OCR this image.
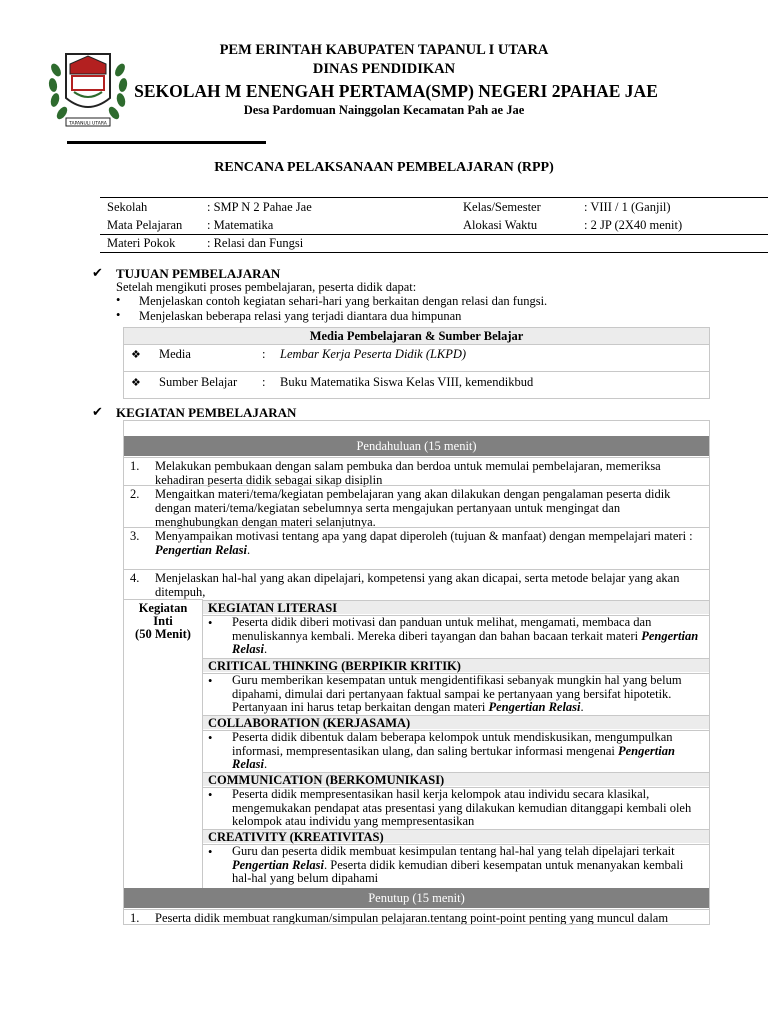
TAPANULI UTARA
PEM ERINTAH KABUPATEN TAPANUL I UTARA
DINAS PENDIDIKAN
SEKOLAH M ENENGAH PERTAMA(SMP) NEGERI 2PAHAE JAE
Desa Pardomuan Nainggolan Kecamatan Pah ae Jae
RENCANA PELAKSANAAN PEMBELAJARAN (RPP)
Sekolah	: SMP N 2 Pahae Jae	Kelas/Semester	: VIII / 1 (Ganjil)
Mata Pelajaran : Matematika	Alokasi Waktu	: 2 JP (2X40 menit)
Materi Pokok	: Relasi dan Fungsi
✔ TUJUAN PEMBELAJARAN
Setelah mengikuti proses pembelajaran, peserta didik dapat:
• Menjelaskan contoh kegiatan sehari-hari yang berkaitan dengan relasi dan fungsi.
• Menjelaskan beberapa relasi yang terjadi diantara dua himpunan
Media Pembelajaran & Sumber Belajar
❖ Media	: Lembar Kerja Peserta Didik (LKPD)
❖ Sumber Belajar : Buku Matematika Siswa Kelas VIII, kemendikbud
✔ KEGIATAN PEMBELAJARAN
Pendahuluan (15 menit)
1. Melakukan pembukaan dengan salam pembuka dan berdoa untuk memulai pembelajaran, memeriksa kehadiran peserta didik sebagai sikap disiplin
2. Mengaitkan materi/tema/kegiatan pembelajaran yang akan dilakukan dengan pengalaman peserta didik dengan materi/tema/kegiatan sebelumnya serta mengajukan pertanyaan untuk mengingat dan menghubungkan dengan materi selanjutnya.
3. Menyampaikan motivasi tentang apa yang dapat diperoleh (tujuan & manfaat) dengan mempelajari materi :
Pengertian Relasi.
4. Menjelaskan hal-hal yang akan dipelajari, kompetensi yang akan dicapai, serta metode belajar yang akan ditempuh,
Kegiatan
Inti
(50 Menit)
KEGIATAN LITERASI
• Peserta didik diberi motivasi dan panduan untuk melihat, mengamati, membaca dan menuliskannya kembali. Mereka diberi tayangan dan bahan bacaan terkait materi Pengertian Relasi.
CRITICAL THINKING (BERPIKIR KRITIK)
• Guru memberikan kesempatan untuk mengidentifikasi sebanyak mungkin hal yang belum dipahami, dimulai dari pertanyaan faktual sampai ke pertanyaan yang bersifat hipotetik. Pertanyaan ini harus tetap berkaitan dengan materi Pengertian Relasi.
COLLABORATION (KERJASAMA)
• Peserta didik dibentuk dalam beberapa kelompok untuk mendiskusikan, mengumpulkan informasi, mempresentasikan ulang, dan saling bertukar informasi mengenai Pengertian Relasi.
COMMUNICATION (BERKOMUNIKASI)
• Peserta didik mempresentasikan hasil kerja kelompok atau individu secara klasikal, mengemukakan pendapat atas presentasi yang dilakukan kemudian ditanggapi kembali oleh kelompok atau individu yang mempresentasikan
CREATIVITY (KREATIVITAS)
• Guru dan peserta didik membuat kesimpulan tentang hal-hal yang telah dipelajari terkait
Pengertian Relasi. Peserta didik kemudian diberi kesempatan untuk menanyakan kembali hal-hal yang belum dipahami
Penutup (15 menit)
1. Peserta didik membuat rangkuman/simpulan pelajaran.tentang point-point penting yang muncul dalam
